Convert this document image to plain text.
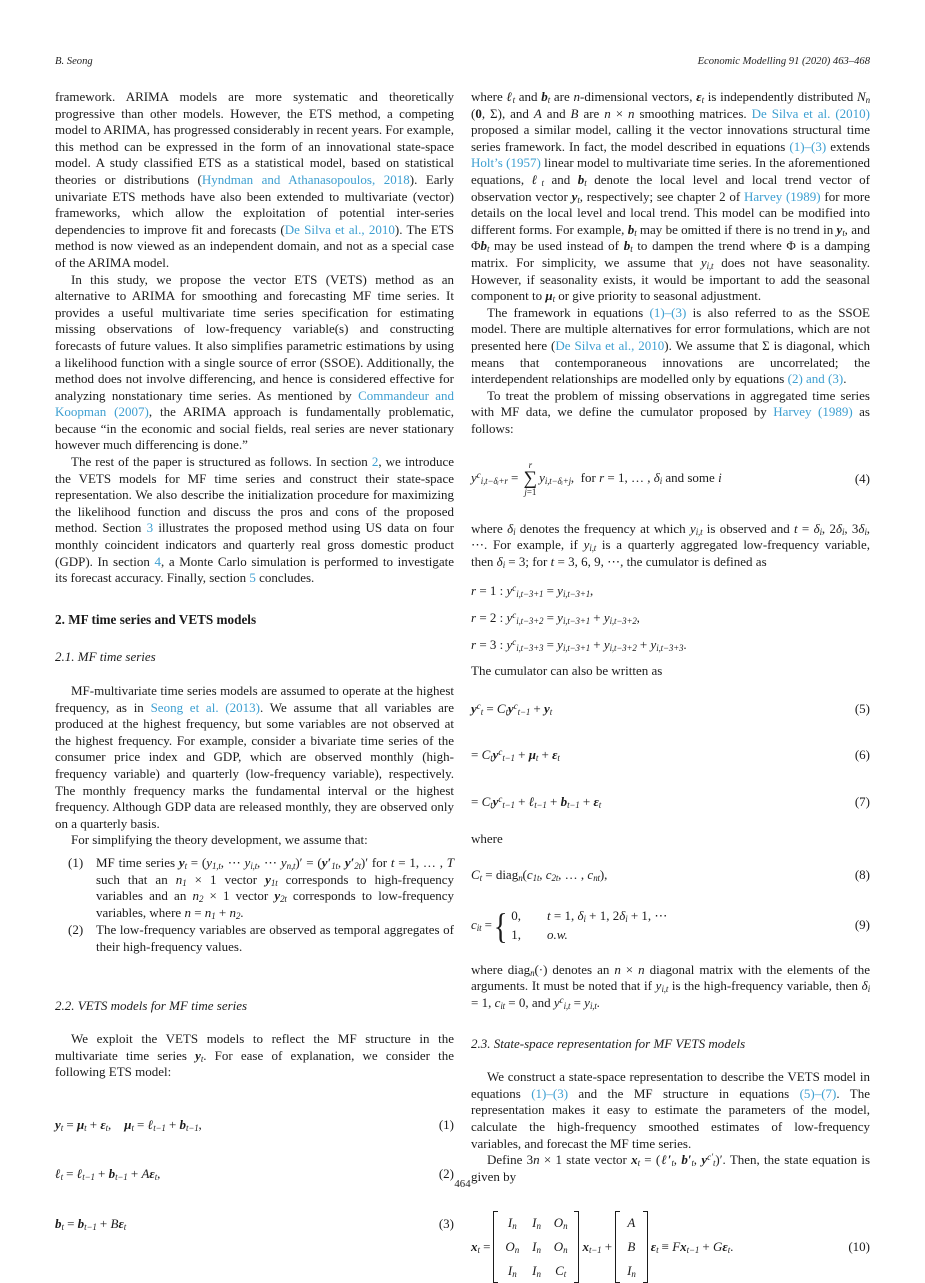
B. Seong	Economic Modelling 91 (2020) 463–468

framework. ARIMA models are more systematic and theoretically progressive than other models. However, the ETS method, a competing model to ARIMA, has progressed considerably in recent years. For example, this method can be expressed in the form of an innovational state-space model. A study classified ETS as a statistical model, based on statistical theories or distributions (Hyndman and Athanasopoulos, 2018). Early univariate ETS methods have also been extended to multivariate (vector) frameworks, which allow the exploitation of potential inter-series dependencies to improve fit and forecasts (De Silva et al., 2010). The ETS method is now viewed as an independent domain, and not as a special case of the ARIMA model.

In this study, we propose the vector ETS (VETS) method as an alternative to ARIMA for smoothing and forecasting MF time series. It provides a useful multivariate time series specification for estimating missing observations of low-frequency variable(s) and constructing forecasts of future values. It also simplifies parametric estimations by using a likelihood function with a single source of error (SSOE). Additionally, the method does not involve differencing, and hence is considered effective for analyzing nonstationary time series. As mentioned by Commandeur and Koopman (2007), the ARIMA approach is fundamentally problematic, because “in the economic and social fields, real series are never stationary however much differencing is done.”

The rest of the paper is structured as follows. In section 2, we introduce the VETS models for MF time series and construct their state-space representation. We also describe the initialization procedure for maximizing the likelihood function and discuss the pros and cons of the proposed method. Section 3 illustrates the proposed method using US data on four monthly coincident indicators and quarterly real gross domestic product (GDP). In section 4, a Monte Carlo simulation is performed to investigate its forecast accuracy. Finally, section 5 concludes.

2. MF time series and VETS models
2.1. MF time series

MF-multivariate time series models are assumed to operate at the highest frequency, as in Seong et al. (2013). We assume that all variables are produced at the highest frequency, but some variables are not observed at the highest frequency. For example, consider a bivariate time series of the consumer price index and GDP, which are observed monthly (high-frequency variable) and quarterly (low-frequency variable), respectively. The monthly frequency marks the fundamental interval or the highest frequency. Although GDP data are released monthly, they are observed only on a quarterly basis.

For simplifying the theory development, we assume that:

(1) MF time series $y_t = (y_{1,t}$, ⋯ $y_{i,t}$, ⋯ $y_{n,t})' = (y'_{1t}$, $y'_{2t})'$ for t = 1, … , T such that an $n_1 \times 1$ vector $y_{1t}$ corresponds to high-frequency variables and an $n_2 \times 1$ vector $y_{2t}$ corresponds to low-frequency variables, where $n = n_1 + n_2$.
(2) The low-frequency variables are observed as temporal aggregates of their high-frequency values.
2.2. VETS models for MF time series

We exploit the VETS models to reflect the MF structure in the multivariate time series $y_t$. For ease of explanation, we consider the following ETS model:

$y_t = \mu_t + \varepsilon_t$,  $\mu_t$ = ℓ$_{t-1}$ + $b_{t-1}$,	(1)
ℓ$_t$ = ℓ$_{t-1}$ + $b_{t-1} + A\varepsilon_t$,	(2)
$b_t = b_{t-1} + B\varepsilon_t$	(3)

where ℓ$_t$ and $b_t$ are n-dimensional vectors, $\varepsilon_t$ is independently distributed $N_n$ (0, Σ), and A and B are n × n smoothing matrices. De Silva et al. (2010) proposed a similar model, calling it the vector innovations structural time series framework. In fact, the model described in equations (1)–(3) extends Holt’s (1957) linear model to multivariate time series. In the aforementioned equations, ℓ$_t$ and $b_t$ denote the local level and local trend vector of observation vector $y_t$, respectively; see chapter 2 of Harvey (1989) for more details on the local level and local trend. This model can be modified into different forms. For example, $b_t$ may be omitted if there is no trend in $y_t$, and $\Phi b_t$ may be used instead of $b_t$ to dampen the trend where Φ is a damping matrix. For simplicity, we assume that $y_{i,t}$ does not have seasonality. However, if seasonality exists, it would be important to add the seasonal component to $\mu_t$ or give priority to seasonal adjustment.

The framework in equations (1)–(3) is also referred to as the SSOE model. There are multiple alternatives for error formulations, which are not presented here (De Silva et al., 2010). We assume that Σ is diagonal, which means that contemporaneous innovations are uncorrelated; the interdependent relationships are modelled only by equations (2) and (3).

To treat the problem of missing observations in aggregated time series with MF data, we define the cumulator proposed by Harvey (1989) as follows:

$y^c_{i,t-\delta ᵢ+r}$ =
r
∑
j=1
$y_{i,t-\delta ᵢ+j}$, for r = 1, … , $\delta_i$ and some i	(4)

where $\delta_i$ denotes the frequency at which $y_{i,t}$ is observed and $t = \delta_i$, $2\delta_i$, $3\delta_i$, ⋯. For example, if $y_{i,t}$ is a quarterly aggregated low-frequency variable, then $\delta_i = 3$; for t = 3, 6, 9, ⋯, the cumulator is defined as

r = 1 : $y^c_{i,t-3+1} = y_{i,t-3+1}$,
r = 2 : $y^c_{i,t-3+2} = y_{i,t-3+1} + y_{i,t-3+2}$,
r = 3 : $y^c_{i,t-3+3} = y_{i,t-3+1} + y_{i,t-3+2} + y_{i,t-3+3}$.

The cumulator can also be written as

$y^c_t = C_ty^c_{t-1} + y_t$	(5)
= $C_ty^c_{t-1} + \mu_t + \varepsilon_t$	(6)
= $C_ty^c_{t-1}$ + ℓ$_{t-1}$ + $b_{t-1} + \varepsilon_t$	(7)

where

$C_t$ = $diag_n(c_{1t}$, $c_{2t}$, … , $c_{nt}$),	(8)
$c_{it}$ = { 0, t = 1, $\delta_i + 1$, $2\delta_i + 1$, ⋯
1, o.w.
(9)

where diag$_n$(·) denotes an n × n diagonal matrix with the elements of the arguments. It must be noted that if $y_{i,t}$ is the high-frequency variable, then $\delta_i = 1$, $c_{it} = 0$, and $y^c_{i,t} = y_{i,t}$.

2.3. State-space representation for MF VETS models

We construct a state-space representation to describe the VETS model in equations (1)–(3) and the MF structure in equations (5)–(7). The representation makes it easy to estimate the parameters of the model, calculate the high-frequency smoothed estimates of low-frequency variables, and forecast the MF time series.

Define 3n × 1 state vector $x_t$ = ($\ell'_t$, $b'_t$, $y^{c'}_t)'$. Then, the state equation is given by

$x_t$ =
$I_n$ $I_n$ $O_n$
$O_n$ $I_n$ $O_n$
$I_n$ $I_n$ $C_t$
$x_{t-1}$ +
A
B
$I_n$
$\varepsilon_t \equiv Fx_{t-1} + G\varepsilon_t$.	(10)
464
